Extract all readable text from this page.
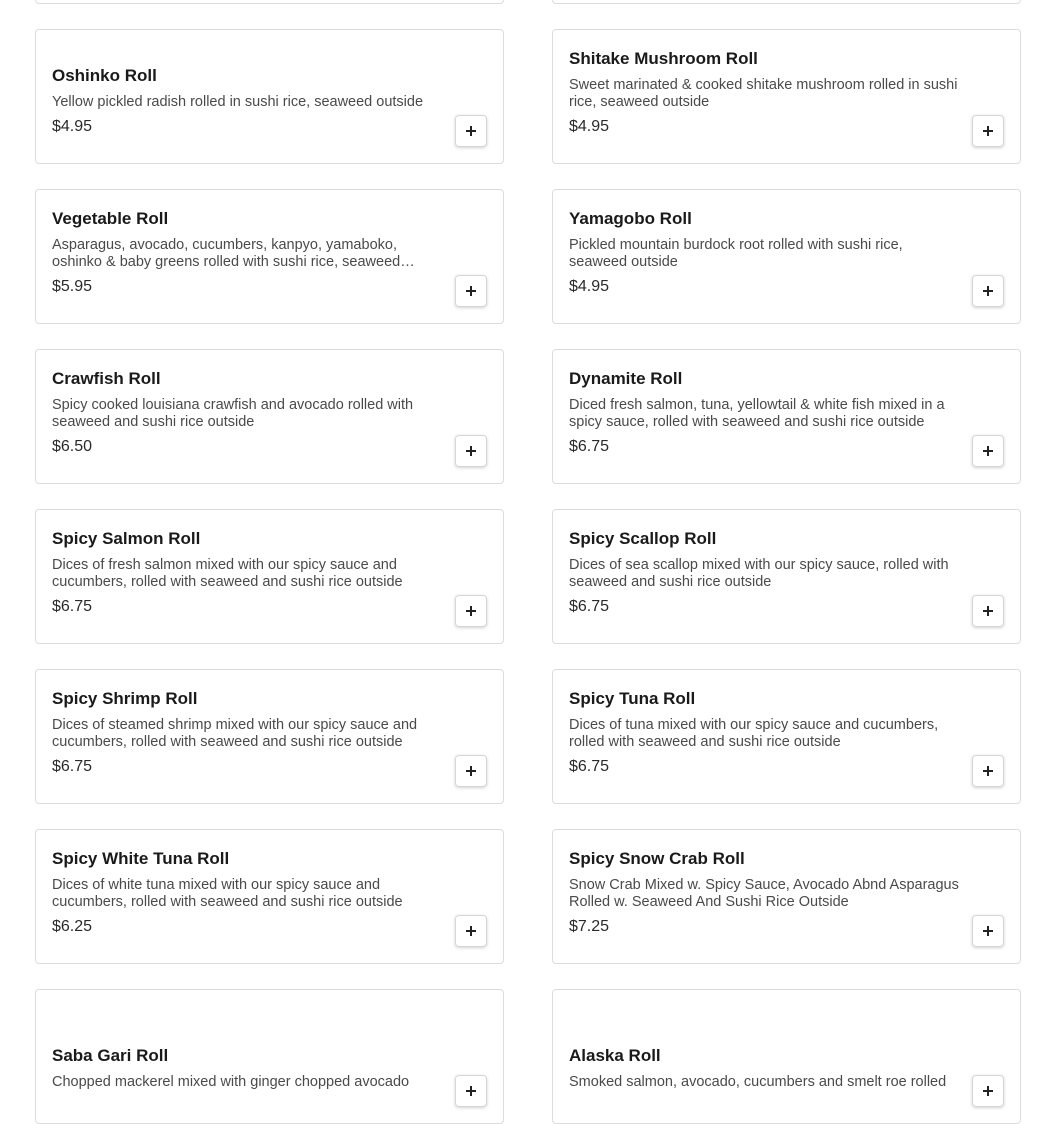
Oshinko Roll
Yellow pickled radish rolled in sushi rice, seaweed outside
$4.95
Shitake Mushroom Roll
Sweet marinated & cooked shitake mushroom rolled in sushi rice, seaweed outside
$4.95
Vegetable Roll
Asparagus, avocado, cucumbers, kanpyo, yamaboko, oshinko & baby greens rolled with sushi rice, seaweed
$5.95
Yamagobo Roll
Pickled mountain burdock root rolled with sushi rice, seaweed outside
$4.95
Crawfish Roll
Spicy cooked louisiana crawfish and avocado rolled with seaweed and sushi rice outside
$6.50
Dynamite Roll
Diced fresh salmon, tuna, yellowtail & white fish mixed in a spicy sauce, rolled with seaweed and sushi rice outside
$6.75
Spicy Salmon Roll
Dices of fresh salmon mixed with our spicy sauce and cucumbers, rolled with seaweed and sushi rice outside
$6.75
Spicy Scallop Roll
Dices of sea scallop mixed with our spicy sauce, rolled with seaweed and sushi rice outside
$6.75
Spicy Shrimp Roll
Dices of steamed shrimp mixed with our spicy sauce and cucumbers, rolled with seaweed and sushi rice outside
$6.75
Spicy Tuna Roll
Dices of tuna mixed with our spicy sauce and cucumbers, rolled with seaweed and sushi rice outside
$6.75
Spicy White Tuna Roll
Dices of white tuna mixed with our spicy sauce and cucumbers, rolled with seaweed and sushi rice outside
$6.25
Spicy Snow Crab Roll
Snow Crab Mixed w. Spicy Sauce, Avocado Abnd Asparagus Rolled w. Seaweed And Sushi Rice Outside
$7.25
Saba Gari Roll
Chopped mackerel mixed with ginger chopped avocado
Alaska Roll
Smoked salmon, avocado, cucumbers and smelt roe rolled
